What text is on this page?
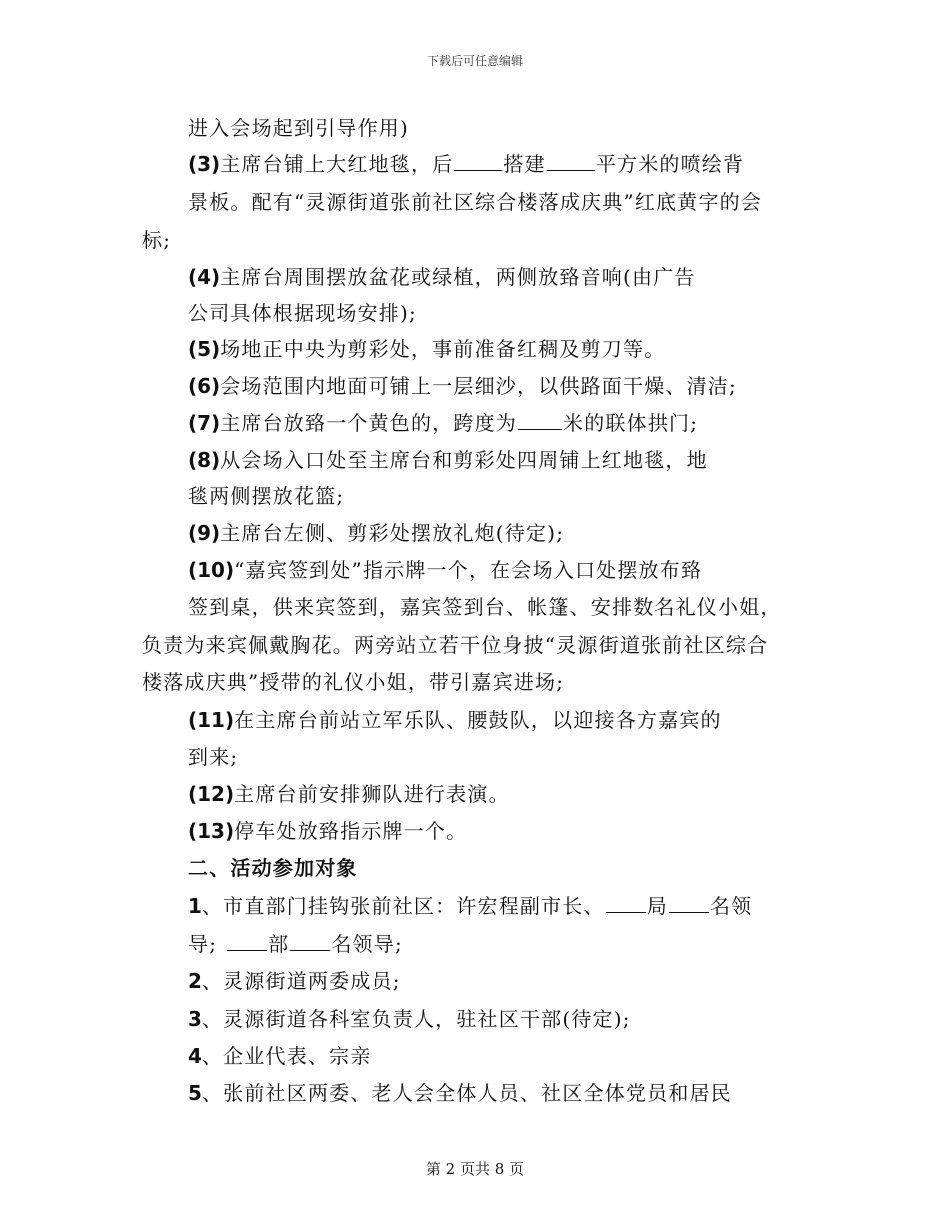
下载后可任意编辑
进入会场起到引导作用)
(3)主席台铺上大红地毯，后	搭建	平方米的喷绘背
景板。配有“灵源街道张前社区综合楼落成庆典”红底黄字的会
标;
(4)主席台周围摆放盆花或绿植，两侧放臵音响(由广告
公司具体根据现场安排);
(5)场地正中央为剪彩处，事前准备红稠及剪刀等。
(6)会场范围内地面可铺上一层细沙，以供路面干燥、清洁;
(7)主席台放臵一个黄色的，跨度为 米的联体拱门;
(8)从会场入口处至主席台和剪彩处四周铺上红地毯，地
毯两侧摆放花篮;
(9)主席台左侧、剪彩处摆放礼炮(待定);
(10)“嘉宾签到处”指示牌一个，在会场入口处摆放布臵
签到桌，供来宾签到，嘉宾签到台、帐篷、安排数名礼仪小姐，
负责为来宾佩戴胸花。两旁站立若干位身披“灵源街道张前社区综合
楼落成庆典”授带的礼仪小姐，带引嘉宾进场;
(11)在主席台前站立军乐队、腰鼓队，以迎接各方嘉宾的
到来;
(12)主席台前安排狮队进行表演。
(13)停车处放臵指示牌一个。
二、活动参加对象
1、市直部门挂钩张前社区：许宏程副市长、 局 名领
导;	部 名领导;
2、灵源街道两委成员;
3、灵源街道各科室负责人，驻社区干部(待定);
4、企业代表、宗亲
5、张前社区两委、老人会全体人员、社区全体党员和居民
第 2 页共 8 页
